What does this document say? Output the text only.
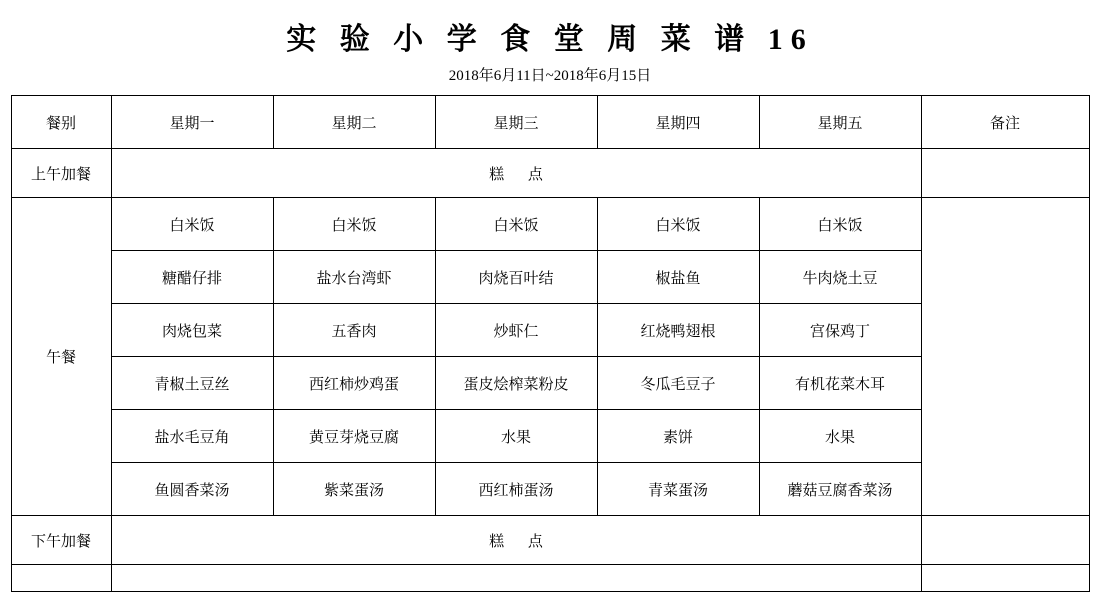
实 验 小 学 食 堂 周 菜 谱 16
2018年6月11日~2018年6月15日
餐别	星期一	星期二	星期三	星期四	星期五	备注
上午加餐	糕 点					
午餐	白米饭	白米饭	白米饭	白米饭	白米饭	
	糖醋仔排	盐水台湾虾	肉烧百叶结	椒盐鱼	牛肉烧土豆	
	肉烧包菜	五香肉	炒虾仁	红烧鸭翅根	宫保鸡丁	
	青椒土豆丝	西红柿炒鸡蛋	蛋皮烩榨菜粉皮	冬瓜毛豆子	有机花菜木耳	
	盐水毛豆角	黄豆芽烧豆腐	水果	素饼	水果	
	鱼圆香菜汤	紫菜蛋汤	西红柿蛋汤	青菜蛋汤	蘑菇豆腐香菜汤	
下午加餐	糕 点					
